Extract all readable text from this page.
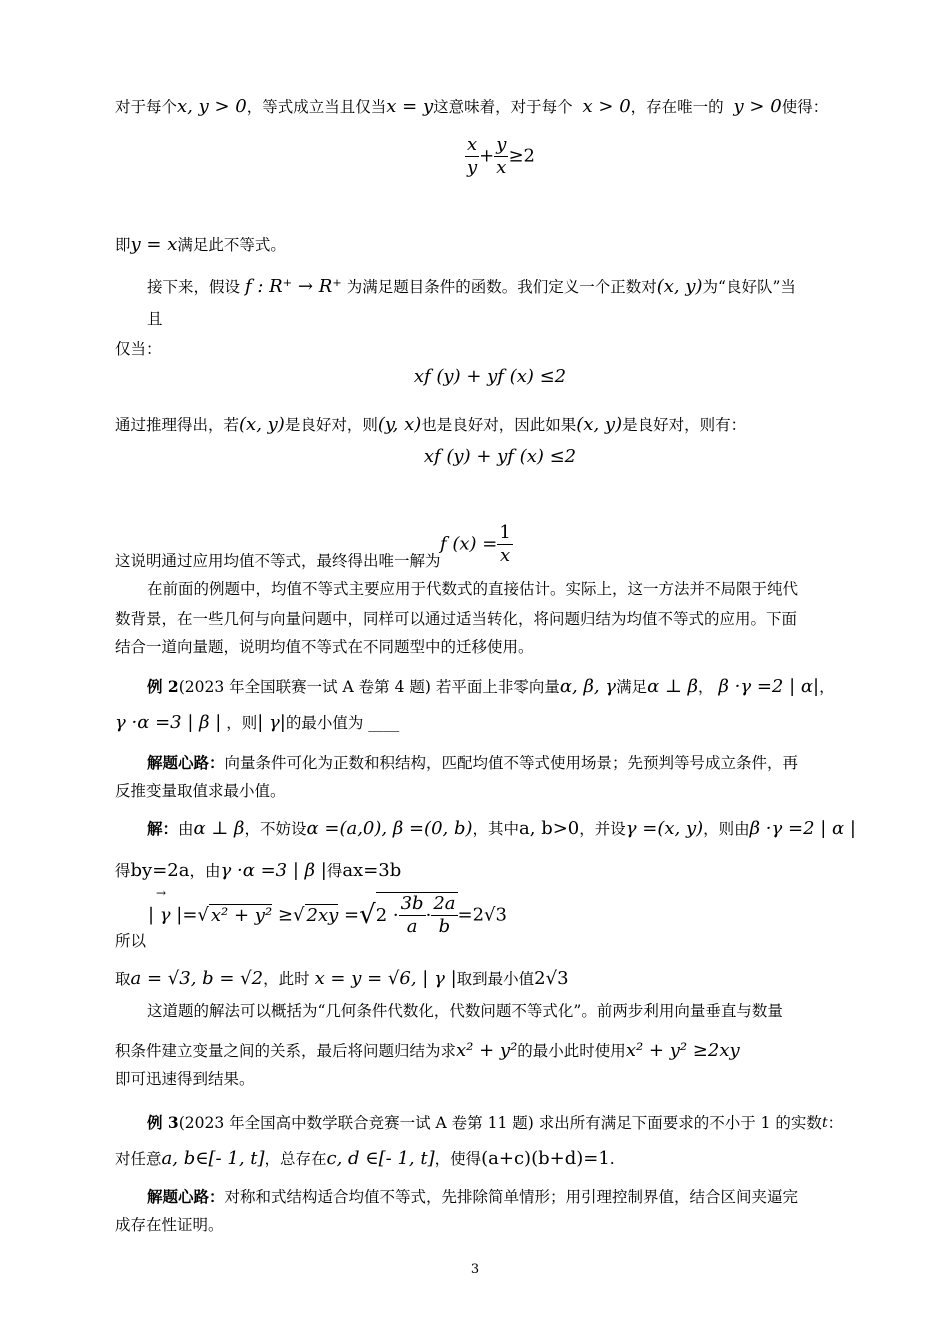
对于每个x, y > 0，等式成立当且仅当x = y这意味着，对于每个 x > 0，存在唯一的 y > 0使得：
$\frac{x}{y} + \frac{y}{x} \ge 2$
即y = x满足此不等式。
接下来，假设 f : R⁺ → R⁺ 为满足题目条件的函数。我们定义一个正数对(x, y)为“良好队”当
且
仅当：
xf (y) + yf (x) ≤2
通过推理得出，若(x, y)是良好对，则(y, x)也是良好对，因此如果(x, y)是良好对，则有：
xf (y) + yf (x) ≤2
这说明通过应用均值不等式，最终得出唯一解为
f $(x) = \frac{1}{x}$
在前面的例题中，均值不等式主要应用于代数式的直接估计。实际上，这一方法并不局限于纯代
数背景，在一些几何与向量问题中，同样可以通过适当转化，将问题归结为均值不等式的应用。下面
结合一道向量题，说明均值不等式在不同题型中的迁移使用。
例 2(2023 年全国联赛一试 A 卷第 4 题) 若平面上非零向量α, β, γ满足α ⊥ β， β ·γ =2 | α|，
γ ·α =3 | β | ，则| γ|的最小值为 ____
解题心路：向量条件可化为正数和积结构，匹配均值不等式使用场景；先预判等号成立条件，再
反推变量取值求最小值。
解：由α ⊥ β，不妨设α =(a,0), β =(0, b)，其中a, b>0，并设γ =(x, y)，则由β ·γ =2 | α |
得by=2a，由γ ·α =3 | β |得ax=3b
所以
→
| γ |=√ x² + y² ≥√ $2xy =√2 \cdot \frac{3b}{a} \cdot \frac{2a}{b} =2√3$
取a = √3, b = √2，此时 x = y = √6, | γ |取到最小值2√3
这道题的解法可以概括为“几何条件代数化，代数问题不等式化”。前两步利用向量垂直与数量
积条件建立变量之间的关系，最后将问题归结为求x² + y²的最小此时使用x² + y² ≥2xy
即可迅速得到结果。
例 3(2023 年全国高中数学联合竞赛一试 A 卷第 11 题) 求出所有满足下面要求的不小于 1 的实数t：
对任意a, b∈[- 1, t]，总存在c, d ∈[- 1, t]，使得(a+c)(b+d)=1.
解题心路：对称和式结构适合均值不等式，先排除简单情形；用引理控制界值，结合区间夹逼完
成存在性证明。
3
